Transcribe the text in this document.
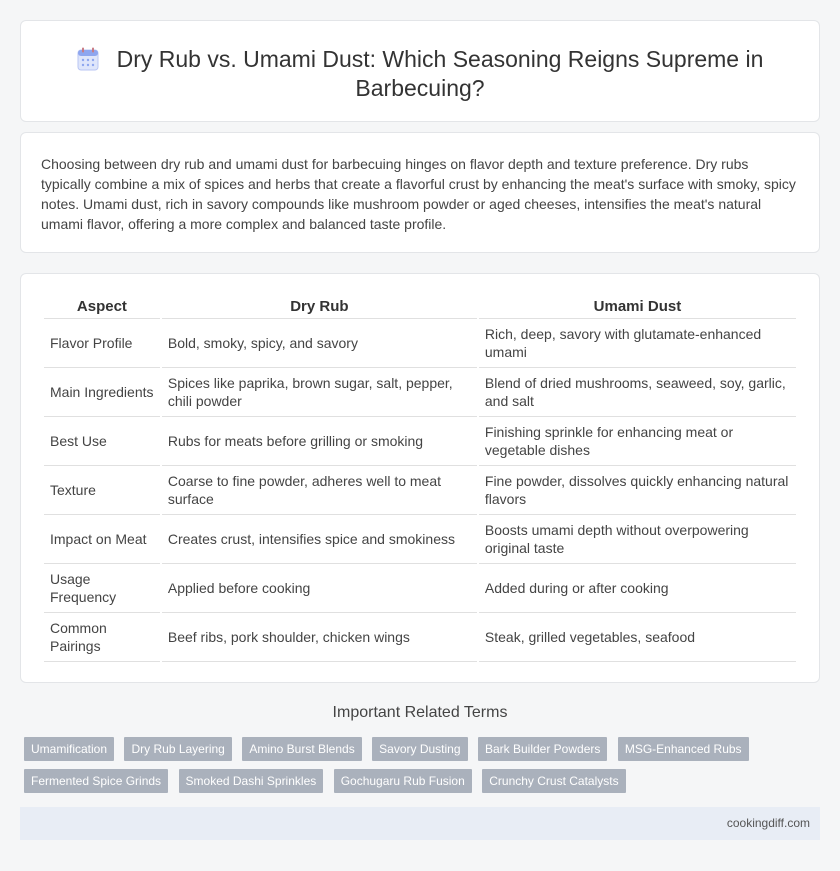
Dry Rub vs. Umami Dust: Which Seasoning Reigns Supreme in Barbecuing?

Choosing between dry rub and umami dust for barbecuing hinges on flavor depth and texture preference. Dry rubs typically combine a mix of spices and herbs that create a flavorful crust by enhancing the meat's surface with smoky, spicy notes. Umami dust, rich in savory compounds like mushroom powder or aged cheeses, intensifies the meat's natural umami flavor, offering a more complex and balanced taste profile.

Aspect	Dry Rub	Umami Dust
Flavor Profile	Bold, smoky, spicy, and savory	Rich, deep, savory with glutamate-enhanced umami
Main Ingredients	Spices like paprika, brown sugar, salt, pepper, chili powder	Blend of dried mushrooms, seaweed, soy, garlic, and salt
Best Use	Rubs for meats before grilling or smoking	Finishing sprinkle for enhancing meat or vegetable dishes
Texture	Coarse to fine powder, adheres well to meat surface	Fine powder, dissolves quickly enhancing natural flavors
Impact on Meat	Creates crust, intensifies spice and smokiness	Boosts umami depth without overpowering original taste
Usage Frequency	Applied before cooking	Added during or after cooking
Common Pairings	Beef ribs, pork shoulder, chicken wings	Steak, grilled vegetables, seafood
Important Related Terms
Umamification Dry Rub Layering Amino Burst Blends Savory Dusting Bark Builder Powders MSG-Enhanced Rubs Fermented Spice Grinds Smoked Dashi Sprinkles Gochugaru Rub Fusion Crunchy Crust Catalysts
cookingdiff.com
